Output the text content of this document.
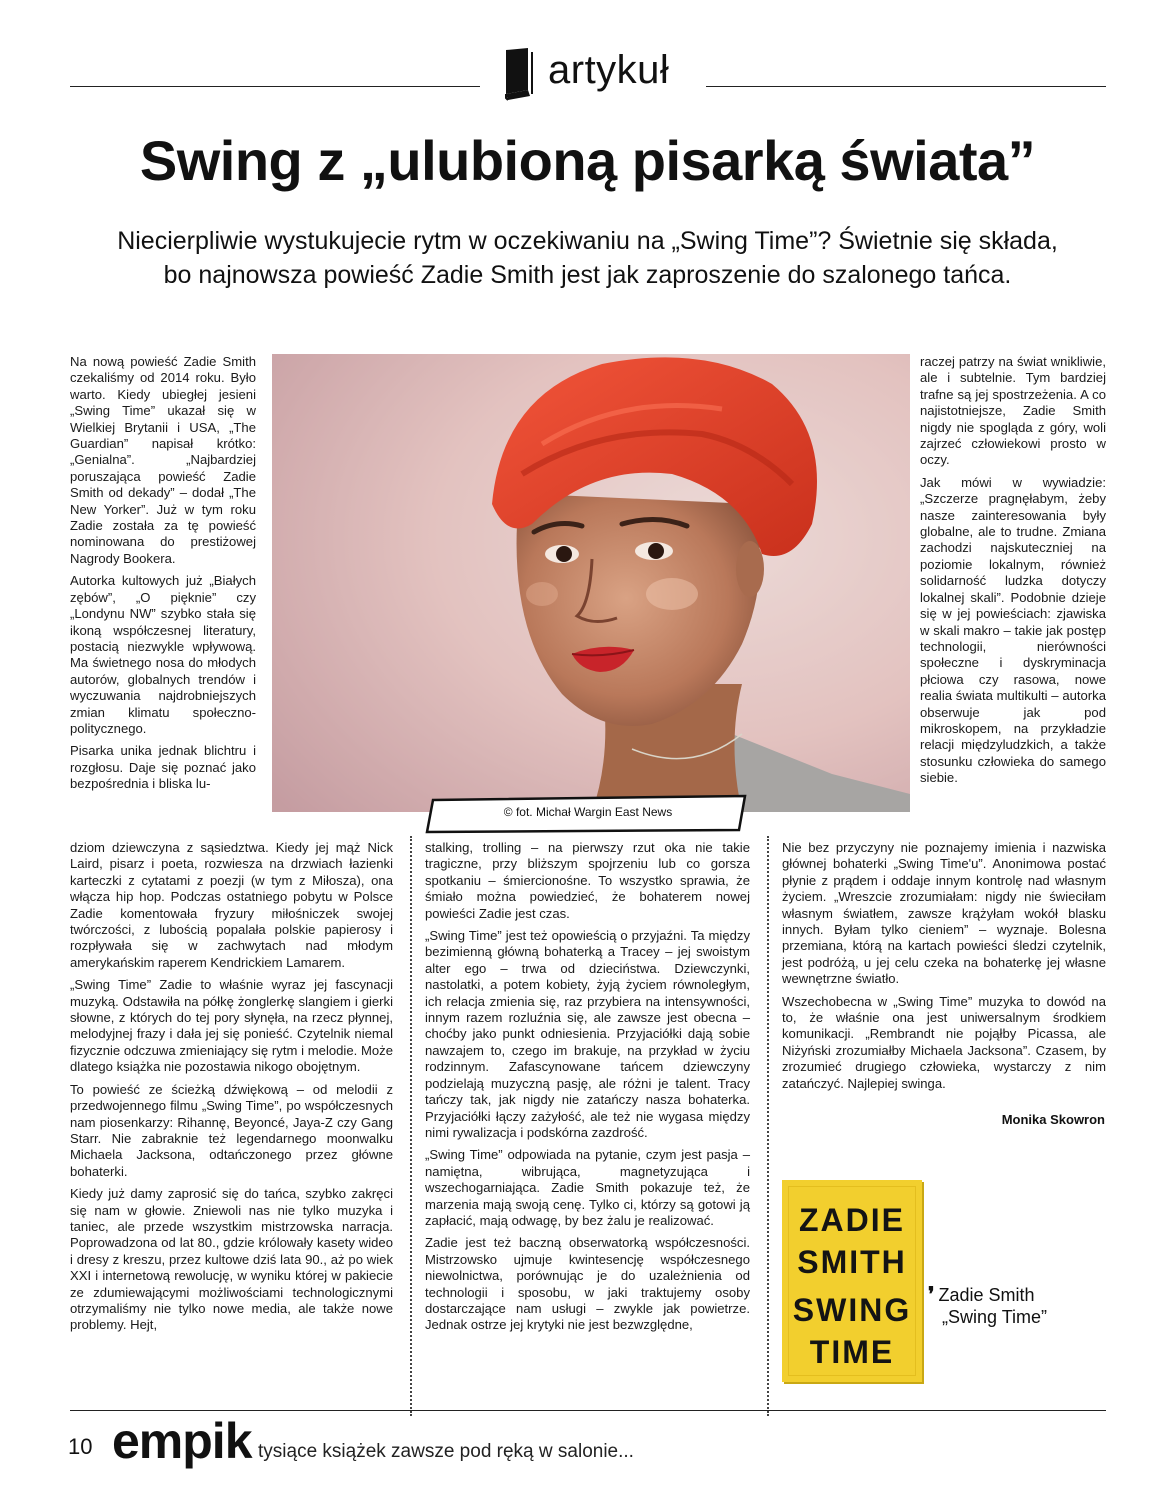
artykuł
Swing z „ulubioną pisarką świata”
Niecierpliwie wystukujecie rytm w oczekiwaniu na „Swing Time”? Świetnie się składa, bo najnowsza powieść Zadie Smith jest jak zaproszenie do szalonego tańca.
© fot. Michał Wargin East News

Na nową powieść Zadie Smith czekaliśmy od 2014 roku. Było warto. Kiedy ubiegłej jesieni „Swing Time” ukazał się w Wielkiej Brytanii i USA, „The Guardian” napisał krótko: „Genialna”. „Najbardziej poruszająca powieść Zadie Smith od dekady” – dodał „The New Yorker”. Już w tym roku Zadie została za tę powieść nominowana do prestiżowej Nagrody Bookera.

Autorka kultowych już „Białych zębów”, „O pięknie” czy „Londynu NW” szybko stała się ikoną współczesnej literatury, postacią niezwykle wpływową. Ma świetnego nosa do młodych autorów, globalnych trendów i wyczuwania najdrobniejszych zmian klimatu społeczno-politycznego.

Pisarka unika jednak blichtru i rozgłosu. Daje się poznać jako bezpośrednia i bliska lu-

raczej patrzy na świat wnikliwie, ale i subtelnie. Tym bardziej trafne są jej spostrzeżenia. A co najistotniejsze, Zadie Smith nigdy nie spogląda z góry, woli zajrzeć człowiekowi prosto w oczy.

Jak mówi w wywiadzie: „Szczerze pragnęłabym, żeby nasze zainteresowania były globalne, ale to trudne. Zmiana zachodzi najskuteczniej na poziomie lokalnym, również solidarność ludzka dotyczy lokalnej skali”. Podobnie dzieje się w jej powieściach: zjawiska w skali makro – takie jak postęp technologii, nierówności społeczne i dyskryminacja płciowa czy rasowa, nowe realia świata multikulti – autorka obserwuje jak pod mikroskopem, na przykładzie relacji międzyludzkich, a także stosunku człowieka do samego siebie.

dziom dziewczyna z sąsiedztwa. Kiedy jej mąż Nick Laird, pisarz i poeta, rozwiesza na drzwiach łazienki karteczki z cytatami z poezji (w tym z Miłosza), ona włącza hip hop. Podczas ostatniego pobytu w Polsce Zadie komentowała fryzury miłośniczek swojej twórczości, z lubością popalała polskie papierosy i rozpływała się w zachwytach nad młodym amerykańskim raperem Kendrickiem Lamarem.

„Swing Time” Zadie to właśnie wyraz jej fascynacji muzyką. Odstawiła na półkę żonglerkę slangiem i gierki słowne, z których do tej pory słynęła, na rzecz płynnej, melodyjnej frazy i dała jej się ponieść. Czytelnik niemal fizycznie odczuwa zmieniający się rytm i melodie. Może dlatego książka nie pozostawia nikogo obojętnym.

To powieść ze ścieżką dźwiękową – od melodii z przedwojennego filmu „Swing Time”, po współczesnych nam piosenkarzy: Rihannę, Beyoncé, Jaya-Z czy Gang Starr. Nie zabraknie też legendarnego moonwalku Michaela Jacksona, odtańczonego przez główne bohaterki.

Kiedy już damy zaprosić się do tańca, szybko zakręci się nam w głowie. Zniewoli nas nie tylko muzyka i taniec, ale przede wszystkim mistrzowska narracja. Poprowadzona od lat 80., gdzie królowały kasety wideo i dresy z kreszu, przez kultowe dziś lata 90., aż po wiek XXI i internetową rewolucję, w wyniku której w pakiecie ze zdumiewającymi możliwościami technologicznymi otrzymaliśmy nie tylko nowe media, ale także nowe problemy. Hejt,

stalking, trolling – na pierwszy rzut oka nie takie tragiczne, przy bliższym spojrzeniu lub co gorsza spotkaniu – śmiercionośne. To wszystko sprawia, że śmiało można powiedzieć, że bohaterem nowej powieści Zadie jest czas.

„Swing Time” jest też opowieścią o przyjaźni. Ta między bezimienną główną bohaterką a Tracey – jej swoistym alter ego – trwa od dzieciństwa. Dziewczynki, nastolatki, a potem kobiety, żyją życiem równoległym, ich relacja zmienia się, raz przybiera na intensywności, innym razem rozluźnia się, ale zawsze jest obecna – choćby jako punkt odniesienia. Przyjaciółki dają sobie nawzajem to, czego im brakuje, na przykład w życiu rodzinnym. Zafascynowane tańcem dziewczyny podzielają muzyczną pasję, ale różni je talent. Tracy tańczy tak, jak nigdy nie zatańczy nasza bohaterka. Przyjaciółki łączy zażyłość, ale też nie wygasa między nimi rywalizacja i podskórna zazdrość.

„Swing Time” odpowiada na pytanie, czym jest pasja – namiętna, wibrująca, magnetyzująca i wszechogarniająca. Zadie Smith pokazuje też, że marzenia mają swoją cenę. Tylko ci, którzy są gotowi ją zapłacić, mają odwagę, by bez żalu je realizować.

Zadie jest też baczną obserwatorką współczesności. Mistrzowsko ujmuje kwintesencję współczesnego niewolnictwa, porównując je do uzależnienia od technologii i sposobu, w jaki traktujemy osoby dostarczające nam usługi – zwykle jak powietrze. Jednak ostrze jej krytyki nie jest bezwzględne,

Nie bez przyczyny nie poznajemy imienia i nazwiska głównej bohaterki „Swing Time'u”. Anonimowa postać płynie z prądem i oddaje innym kontrolę nad własnym życiem. „Wreszcie zrozumiałam: nigdy nie świeciłam własnym światłem, zawsze krążyłam wokół blasku innych. Byłam tylko cieniem” – wyznaje. Bolesna przemiana, którą na kartach powieści śledzi czytelnik, jest podróżą, u jej celu czeka na bohaterkę jej własne wewnętrzne światło.

Wszechobecna w „Swing Time” muzyka to dowód na to, że właśnie ona jest uniwersalnym środkiem komunikacji. „Rembrandt nie pojąłby Picassa, ale Niżyński zrozumiałby Michaela Jacksona”. Czasem, by zrozumieć drugiego człowieka, wystarczy z nim zatańczyć. Najlepiej swinga.

Monika Skowron
ZADIE
SMITH
SWING
TIME
❜ Zadie Smith
„Swing Time”
10 empik tysiące książek zawsze pod ręką w salonie...
